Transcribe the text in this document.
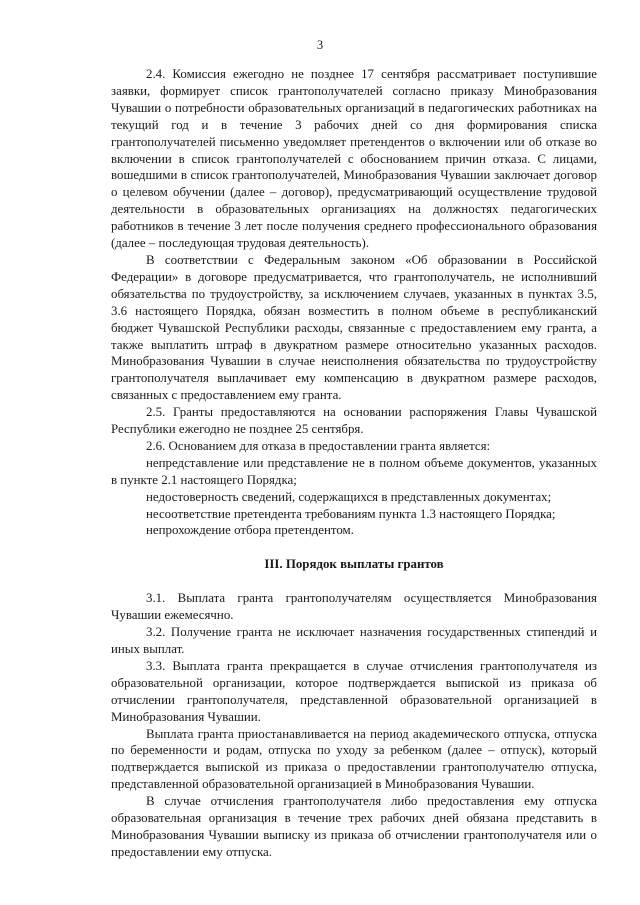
3

2.4. Комиссия ежегодно не позднее 17 сентября рассматривает поступившие заявки, формирует список грантополучателей согласно приказу Минобразования Чувашии о потребности образовательных организаций в педагогических работниках на текущий год и в течение 3 рабочих дней со дня формирования списка грантополучателей письменно уведомляет претендентов о включении или об отказе во включении в список грантополучателей с обоснованием причин отказа. С лицами, вошедшими в список грантополучателей, Минобразования Чувашии заключает договор о целевом обучении (далее – договор), предусматривающий осуществление трудовой деятельности в образовательных организациях на должностях педагогических работников в течение 3 лет после получения среднего профессионального образования (далее – последующая трудовая деятельность).

В соответствии с Федеральным законом «Об образовании в Российской Федерации» в договоре предусматривается, что грантополучатель, не исполнивший обязательства по трудоустройству, за исключением случаев, указанных в пунктах 3.5, 3.6 настоящего Порядка, обязан возместить в полном объеме в республиканский бюджет Чувашской Республики расходы, связанные с предоставлением ему гранта, а также выплатить штраф в двукратном размере относительно указанных расходов. Минобразования Чувашии в случае неисполнения обязательства по трудоустройству грантополучателя выплачивает ему компенсацию в двукратном размере расходов, связанных с предоставлением ему гранта.

2.5. Гранты предоставляются на основании распоряжения Главы Чувашской Республики ежегодно не позднее 25 сентября.

2.6. Основанием для отказа в предоставлении гранта является:

непредставление или представление не в полном объеме документов, указанных в пункте 2.1 настоящего Порядка;

недостоверность сведений, содержащихся в представленных документах;

несоответствие претендента требованиям пункта 1.3 настоящего Порядка;

непрохождение отбора претендентом.

III. Порядок выплаты грантов

3.1. Выплата гранта грантополучателям осуществляется Минобразования Чувашии ежемесячно.

3.2. Получение гранта не исключает назначения государственных стипендий и иных выплат.

3.3. Выплата гранта прекращается в случае отчисления грантополучателя из образовательной организации, которое подтверждается выпиской из приказа об отчислении грантополучателя, представленной образовательной организацией в Минобразования Чувашии.

Выплата гранта приостанавливается на период академического отпуска, отпуска по беременности и родам, отпуска по уходу за ребенком (далее – отпуск), который подтверждается выпиской из приказа о предоставлении грантополучателю отпуска, представленной образовательной организацией в Минобразования Чувашии.

В случае отчисления грантополучателя либо предоставления ему отпуска образовательная организация в течение трех рабочих дней обязана представить в Минобразования Чувашии выписку из приказа об отчислении грантополучателя или о предоставлении ему отпуска.
